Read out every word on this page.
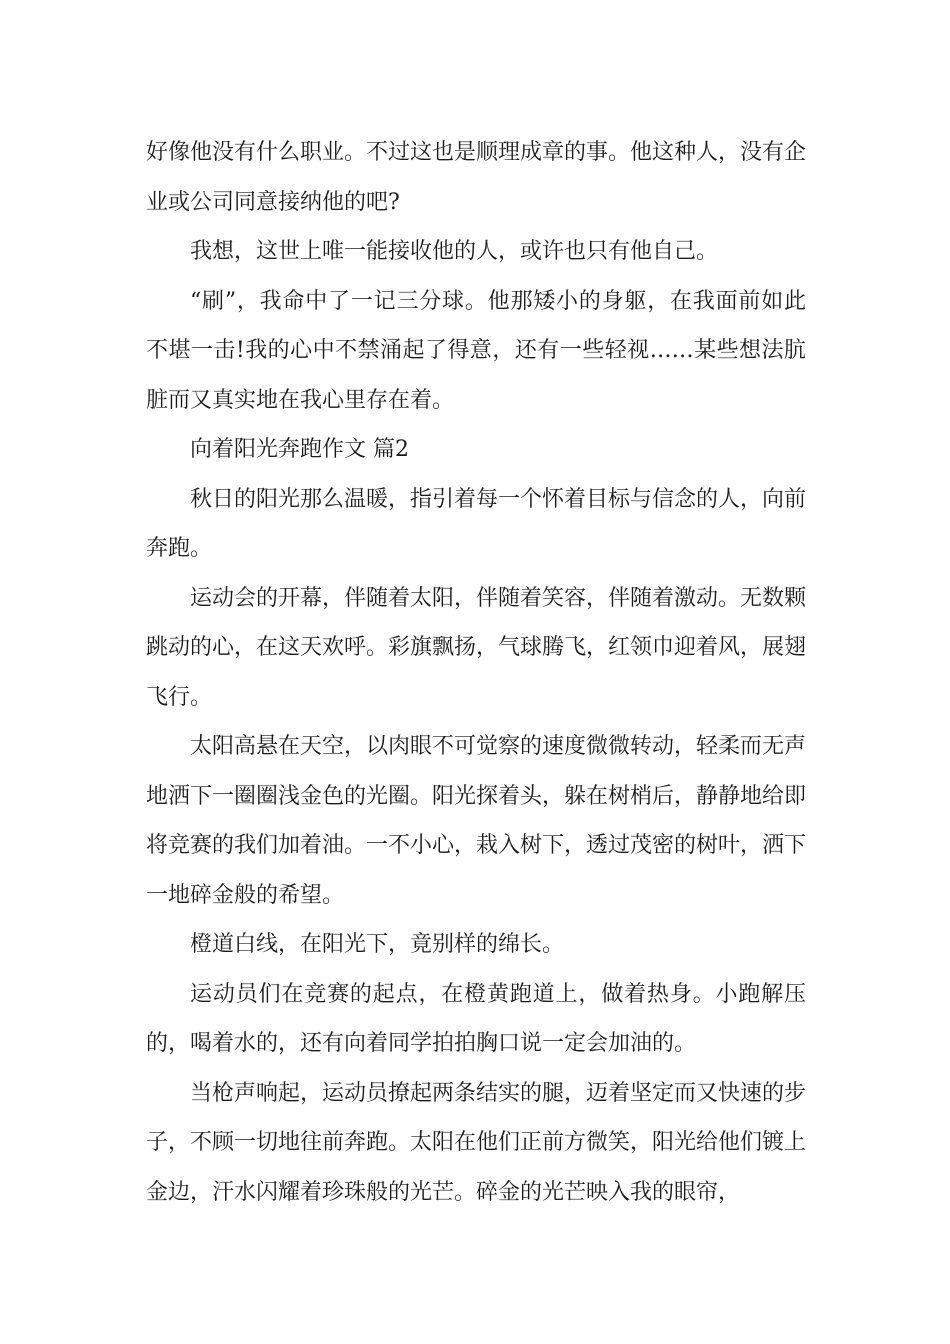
好像他没有什么职业。不过这也是顺理成章的事。他这种人，没有企业或公司同意接纳他的吧?

我想，这世上唯一能接收他的人，或许也只有他自己。

“刷”，我命中了一记三分球。他那矮小的身躯，在我面前如此不堪一击!我的心中不禁涌起了得意，还有一些轻视……某些想法肮脏而又真实地在我心里存在着。

向着阳光奔跑作文 篇2

秋日的阳光那么温暖，指引着每一个怀着目标与信念的人，向前奔跑。

运动会的开幕，伴随着太阳，伴随着笑容，伴随着激动。无数颗跳动的心，在这天欢呼。彩旗飘扬，气球腾飞，红领巾迎着风，展翅飞行。

太阳高悬在天空，以肉眼不可觉察的速度微微转动，轻柔而无声地洒下一圈圈浅金色的光圈。阳光探着头，躲在树梢后，静静地给即将竞赛的我们加着油。一不小心，栽入树下，透过茂密的树叶，洒下一地碎金般的希望。

橙道白线，在阳光下，竟别样的绵长。

运动员们在竞赛的起点，在橙黄跑道上，做着热身。小跑解压的，喝着水的，还有向着同学拍拍胸口说一定会加油的。

当枪声响起，运动员撩起两条结实的腿，迈着坚定而又快速的步子，不顾一切地往前奔跑。太阳在他们正前方微笑，阳光给他们镀上金边，汗水闪耀着珍珠般的光芒。碎金的光芒映入我的眼帘，
